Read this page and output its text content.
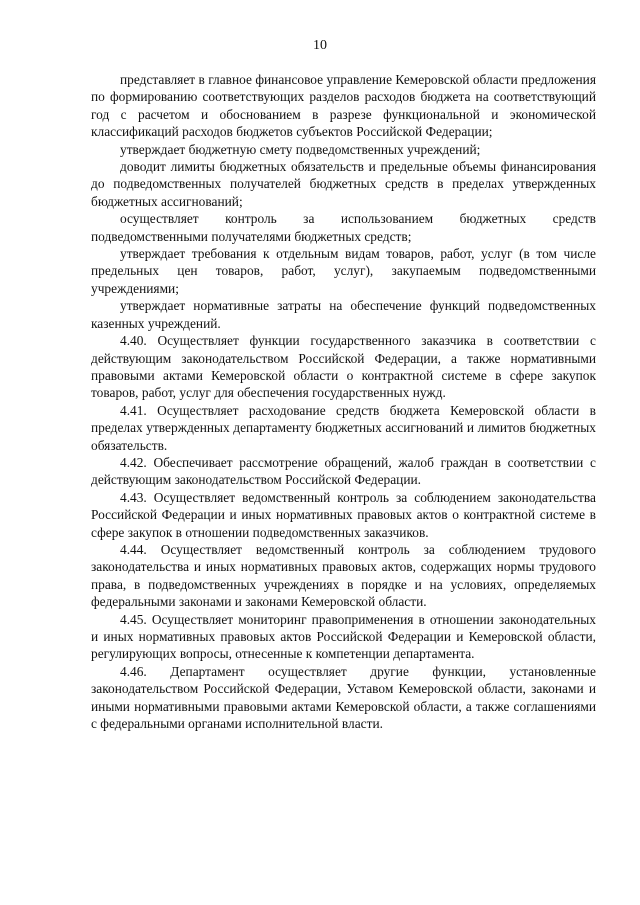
10

представляет в главное финансовое управление Кемеровской области предложения по формированию соответствующих разделов расходов бюджета на соответствующий год с расчетом и обоснованием в разрезе функциональной и экономической классификаций расходов бюджетов субъектов Российской Федерации;

утверждает бюджетную смету подведомственных учреждений;

доводит лимиты бюджетных обязательств и предельные объемы финансирования до подведомственных получателей бюджетных средств в пределах утвержденных бюджетных ассигнований;

осуществляет контроль за использованием бюджетных средств подведомственными получателями бюджетных средств;

утверждает требования к отдельным видам товаров, работ, услуг (в том числе предельных цен товаров, работ, услуг), закупаемым подведомственными учреждениями;

утверждает нормативные затраты на обеспечение функций подведомственных казенных учреждений.

4.40. Осуществляет функции государственного заказчика в соответствии с действующим законодательством Российской Федерации, а также нормативными правовыми актами Кемеровской области о контрактной системе в сфере закупок товаров, работ, услуг для обеспечения государственных нужд.

4.41. Осуществляет расходование средств бюджета Кемеровской области в пределах утвержденных департаменту бюджетных ассигнований и лимитов бюджетных обязательств.

4.42. Обеспечивает рассмотрение обращений, жалоб граждан в соответствии с действующим законодательством Российской Федерации.

4.43. Осуществляет ведомственный контроль за соблюдением законодательства Российской Федерации и иных нормативных правовых актов о контрактной системе в сфере закупок в отношении подведомственных заказчиков.

4.44. Осуществляет ведомственный контроль за соблюдением трудового законодательства и иных нормативных правовых актов, содержащих нормы трудового права, в подведомственных учреждениях в порядке и на условиях, определяемых федеральными законами и законами Кемеровской области.

4.45. Осуществляет мониторинг правоприменения в отношении законодательных и иных нормативных правовых актов Российской Федерации и Кемеровской области, регулирующих вопросы, отнесенные к компетенции департамента.

4.46. Департамент осуществляет другие функции, установленные законодательством Российской Федерации, Уставом Кемеровской области, законами и иными нормативными правовыми актами Кемеровской области, а также соглашениями с федеральными органами исполнительной власти.
